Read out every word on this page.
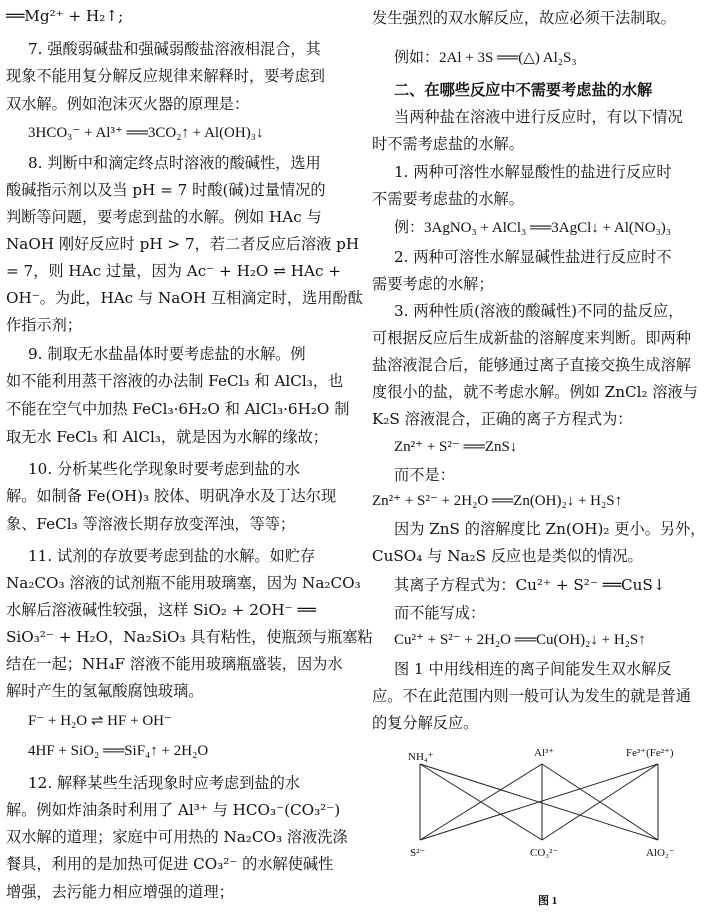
══Mg²⁺ + H₂↑;
7. 强酸弱碱盐和强碱弱酸盐溶液相混合，其
现象不能用复分解反应规律来解释时，要考虑到
双水解。例如泡沫灭火器的原理是：
3HCO₃⁻ + Al³⁺ ══3CO₂↑ + Al(OH)₃↓
8. 判断中和滴定终点时溶液的酸碱性，选用
酸碱指示剂以及当 pH = 7 时酸(碱)过量情况的
判断等问题，要考虑到盐的水解。例如 HAc 与
NaOH 刚好反应时 pH > 7，若二者反应后溶液 pH
= 7，则 HAc 过量，因为 Ac⁻ + H₂O ⇌ HAc +
OH⁻。为此，HAc 与 NaOH 互相滴定时，选用酚酞
作指示剂；
9. 制取无水盐晶体时要考虑盐的水解。例
如不能利用蒸干溶液的办法制 FeCl₃ 和 AlCl₃，也
不能在空气中加热 FeCl₃·6H₂O 和 AlCl₃·6H₂O 制
取无水 FeCl₃ 和 AlCl₃，就是因为水解的缘故；
10. 分析某些化学现象时要考虑到盐的水
解。如制备 Fe(OH)₃ 胶体、明矾净水及丁达尔现
象、FeCl₃ 等溶液长期存放变浑浊，等等；
11. 试剂的存放要考虑到盐的水解。如贮存
Na₂CO₃ 溶液的试剂瓶不能用玻璃塞，因为 Na₂CO₃
水解后溶液碱性较强，这样 SiO₂ + 2OH⁻ ══
SiO₃²⁻ + H₂O，Na₂SiO₃ 具有粘性，使瓶颈与瓶塞粘
结在一起；NH₄F 溶液不能用玻璃瓶盛装，因为水
解时产生的氢氟酸腐蚀玻璃。
F⁻ + H₂O ⇌ HF + OH⁻
4HF + SiO₂ ══SiF₄↑ + 2H₂O
12. 解释某些生活现象时应考虑到盐的水
解。例如炸油条时利用了 Al³⁺ 与 HCO₃⁻(CO₃²⁻)
双水解的道理；家庭中可用热的 Na₂CO₃ 溶液洗涤
餐具，利用的是加热可促进 CO₃²⁻ 的水解使碱性
增强，去污能力相应增强的道理；
发生强烈的双水解反应，故应必须干法制取。
例如：2Al + 3S ══(△) Al₂S₃
二、在哪些反应中不需要考虑盐的水解
当两种盐在溶液中进行反应时，有以下情况
时不需考虑盐的水解。
1. 两种可溶性水解显酸性的盐进行反应时
不需要考虑盐的水解。
例：3AgNO₃ + AlCl₃ ══3AgCl↓ + Al(NO₃)₃
2. 两种可溶性水解显碱性盐进行反应时不
需要考虑的水解；
3. 两种性质(溶液的酸碱性)不同的盐反应，
可根据反应后生成新盐的溶解度来判断。即两种
盐溶液混合后，能够通过离子直接交换生成溶解
度很小的盐，就不考虑水解。例如 ZnCl₂ 溶液与
K₂S 溶液混合，正确的离子方程式为：
Zn²⁺ + S²⁻ ══ZnS↓
而不是：
Zn²⁺ + S²⁻ + 2H₂O ══Zn(OH)₂↓ + H₂S↑
因为 ZnS 的溶解度比 Zn(OH)₂ 更小。另外，
CuSO₄ 与 Na₂S 反应也是类似的情况。
其离子方程式为：Cu²⁺ + S²⁻ ══CuS↓
而不能写成：
Cu²⁺ + S²⁻ + 2H₂O ══Cu(OH)₂↓ + H₂S↑
图 1 中用线相连的离子间能发生双水解反
应。不在此范围内则一般可认为发生的就是普通
的复分解反应。
NH₄⁺	Al³⁺	Fe³⁺(Fe²⁺)
S²⁻	CO₃²⁻	AlO₂⁻
图 1
